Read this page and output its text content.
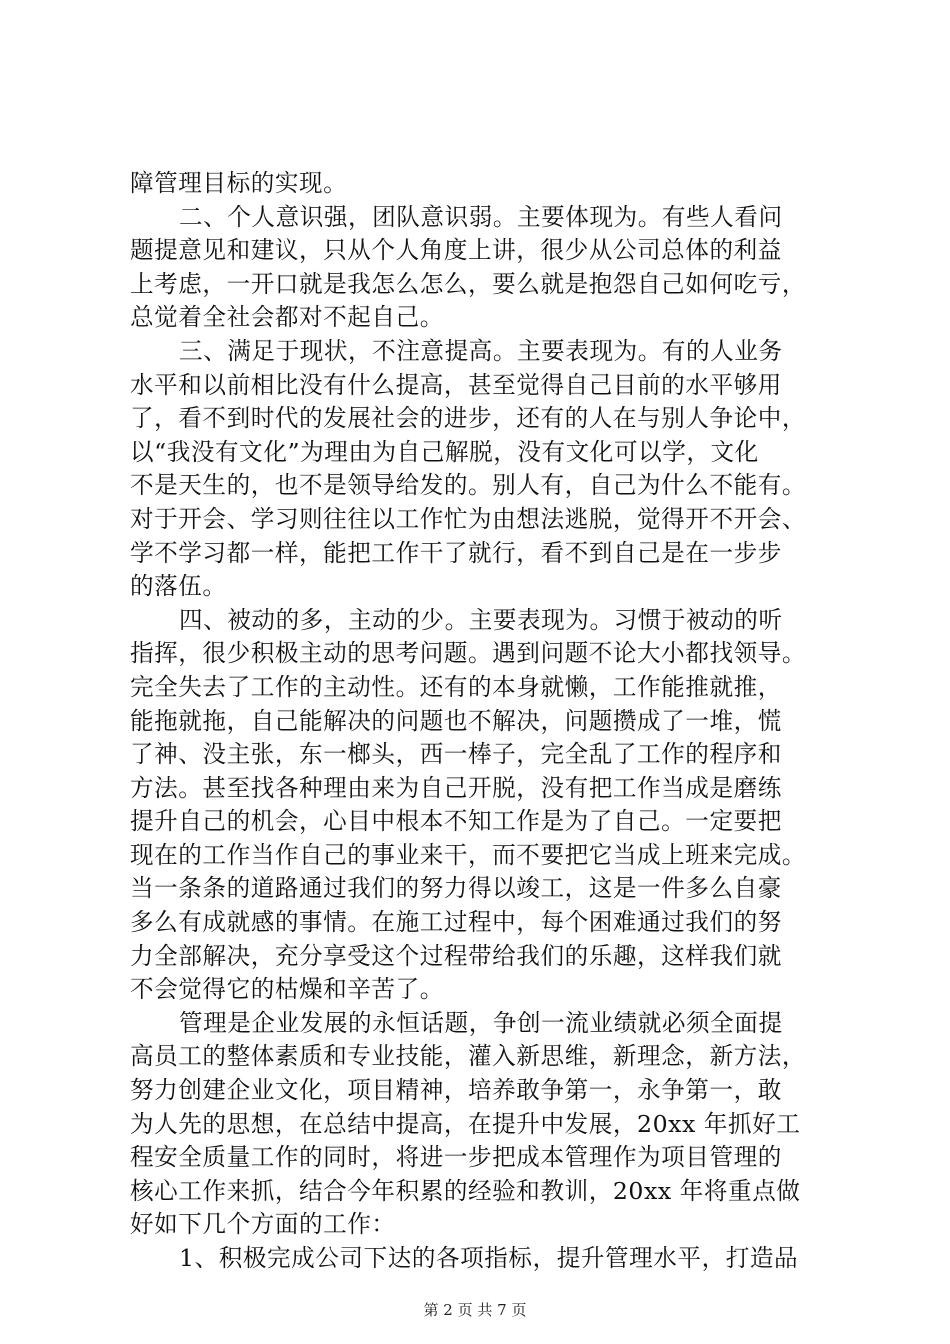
障管理目标的实现。
二、个人意识强，团队意识弱。主要体现为。有些人看问
题提意见和建议，只从个人角度上讲，很少从公司总体的利益
上考虑，一开口就是我怎么怎么，要么就是抱怨自己如何吃亏，
总觉着全社会都对不起自己。
三、满足于现状，不注意提高。主要表现为。有的人业务
水平和以前相比没有什么提高，甚至觉得自己目前的水平够用
了，看不到时代的发展社会的进步，还有的人在与别人争论中，
以“我没有文化”为理由为自己解脱，没有文化可以学，文化
不是天生的，也不是领导给发的。别人有，自己为什么不能有。
对于开会、学习则往往以工作忙为由想法逃脱，觉得开不开会、
学不学习都一样，能把工作干了就行，看不到自己是在一步步
的落伍。
四、被动的多，主动的少。主要表现为。习惯于被动的听
指挥，很少积极主动的思考问题。遇到问题不论大小都找领导。
完全失去了工作的主动性。还有的本身就懒，工作能推就推，
能拖就拖，自己能解决的问题也不解决，问题攒成了一堆，慌
了神、没主张，东一榔头，西一棒子，完全乱了工作的程序和
方法。甚至找各种理由来为自己开脱，没有把工作当成是磨练
提升自己的机会，心目中根本不知工作是为了自己。一定要把
现在的工作当作自己的事业来干，而不要把它当成上班来完成。
当一条条的道路通过我们的努力得以竣工，这是一件多么自豪
多么有成就感的事情。在施工过程中，每个困难通过我们的努
力全部解决，充分享受这个过程带给我们的乐趣，这样我们就
不会觉得它的枯燥和辛苦了。
管理是企业发展的永恒话题，争创一流业绩就必须全面提
高员工的整体素质和专业技能，灌入新思维，新理念，新方法，
努力创建企业文化，项目精神，培养敢争第一，永争第一，敢
为人先的思想，在总结中提高，在提升中发展，20xx 年抓好工
程安全质量工作的同时，将进一步把成本管理作为项目管理的
核心工作来抓，结合今年积累的经验和教训，20xx 年将重点做
好如下几个方面的工作：
1、积极完成公司下达的各项指标，提升管理水平，打造品
第 2 页 共 7 页
